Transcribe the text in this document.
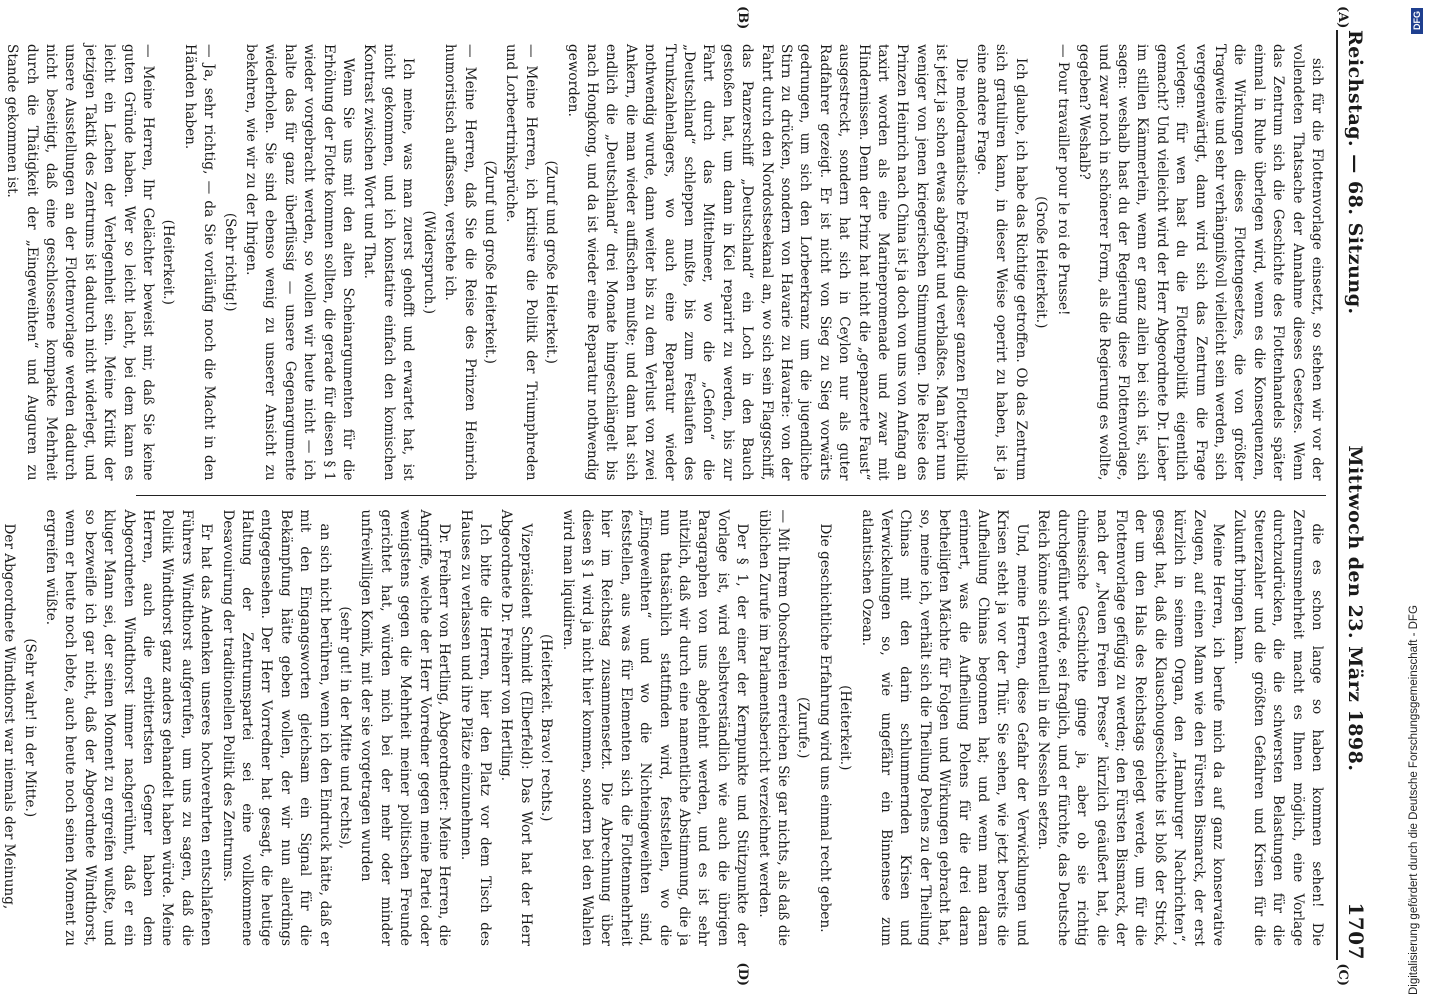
Reichstag. — 68. Sitzung.
Mittwoch den 23. März 1898.
1707

sich für die Flottenvorlage einsetzt, so stehen wir vor der vollendeten Thatsache der Annahme dieses Gesetzes. Wenn das Zentrum sich die Geschichte des Flottenhandels später einmal in Ruhe überlegen wird, wenn es die Konsequenzen, die Wirkungen dieses Flottengesetzes, die von größter Tragweite und sehr verhängnißvoll vielleicht sein werden, sich vergegenwärtigt, dann wird sich das Zentrum die Frage vorlegen: für wen hast du die Flottenpolitik eigentlich gemacht? Und vielleicht wird der Herr Abgeordnete Dr. Lieber im stillen Kämmerlein, wenn er ganz allein bei sich ist, sich sagen: weshalb hast du der Regierung diese Flottenvorlage, und zwar noch in schönerer Form, als die Regierung es wollte, gegeben? Weshalb?

— Pour travailler pour le roi de Prusse!

(Große Heiterkeit.)

Ich glaube, ich habe das Richtige getroffen. Ob das Zentrum sich gratuliren kann, in dieser Weise operirt zu haben, ist ja eine andere Frage.

Die melodramatische Eröffnung dieser ganzen Flottenpolitik ist jetzt ja schon etwas abgetönt und verblaßtes. Man hört nun weniger von jenen kriegerischen Stimmungen. Die Reise des Prinzen Heinrich nach China ist ja doch von uns von Anfang an taxirt worden als eine Marinepromenade und zwar mit Hindernissen. Denn der Prinz hat nicht die „gepanzerte Faust“ ausgestreckt, sondern hat sich in Ceylon nur als guter Radfahrer gezeigt. Er ist nicht von Sieg zu Sieg vorwärts gedrungen, um sich den Lorbeerkranz um die jugendliche Stirn zu drücken, sondern von Havarie zu Havarie: von der Fahrt durch den Nordostseekanal an, wo sich sein Flaggschiff, das Panzerschiff „Deutschland“ ein Loch in den Bauch gestoßen hat, um dann in Kiel reparirt zu werden, bis zur Fahrt durch das Mittelmeer, wo die „Gefion“ die „Deutschland“ schleppen mußte, bis zum Festlaufen des Trunkzahlenlagers, wo auch eine Reparatur wieder nothwendig wurde, dann weiter bis zu dem Verlust von zwei Ankern, die man wieder auffischen mußte; und dann hat sich endlich die „Deutschland“ drei Monate hingeschlängelt bis nach Hongkong, und da ist wieder eine Reparatur nothwendig geworden.

(Zuruf und große Heiterkeit.)

— Meine Herren, ich kritisire die Politik der Triumphreden und Lorbeertrinksprüche.

(Zuruf und große Heiterkeit.)

— Meine Herren, daß Sie die Reise des Prinzen Heinrich humoristisch auffassen, verstehe ich.

(Widerspruch.)

Ich meine, was man zuerst gehofft und erwartet hat, ist nicht gekommen, und ich konstatire einfach den komischen Kontrast zwischen Wort und That.

Wenn Sie uns mit den alten Scheinargumenten für die Erhöhung der Flotte kommen sollten, die gerade für diesen § 1 wieder vorgebracht werden, so wollen wir heute nicht — ich halte das für ganz überflüssig — unsere Gegenargumente wiederholen. Sie sind ebenso wenig zu unserer Ansicht zu bekehren, wie wir zu der Ihrigen.

(Sehr richtig!)

— Ja, sehr richtig, — da Sie vorläufig noch die Macht in den Händen haben.

(Heiterkeit.)

— Meine Herren, Ihr Gelächter beweist mir, daß Sie keine guten Gründe haben. Wer so leicht lacht, bei dem kann es leicht ein Lachen der Verlegenheit sein. Meine Kritik der jetzigen Taktik des Zentrums ist dadurch nicht widerlegt, und unsere Ausstellungen an der Flottenvorlage werden dadurch nicht beseitigt, daß eine geschlossene kompakte Mehrheit durch die Thätigkeit der „Eingeweihten“ und Auguren zu Stande gekommen ist.

die es schon lange so haben kommen sehen! Die Zentrumsmehrheit macht es Ihnen möglich, eine Vorlage durchzudrücken, die die schwersten Belastungen für die Steuerzahler und die größten Gefahren und Krisen für die Zukunft bringen kann.

Meine Herren, ich berufe mich da auf ganz konservative Zeugen, auf einen Mann wie den Fürsten Bismarck, der erst kürzlich in seinem Organ, den „Hamburger Nachrichten“, gesagt hat, daß die Klauschougeschichte ist bloß der Strick, der um den Hals des Reichstags gelegt werde, um für die Flottenvorlage gefügig zu werden; den Fürsten Bismarck, der nach der „Neuen Freien Presse“ kürzlich geäußert hat, die chinesische Geschichte ginge ja, aber ob sie richtig durchgeführt würde, sei fraglich, und er fürchte, das Deutsche Reich könne sich eventuell in die Nesseln setzen.

Und, meine Herren, diese Gefahr der Verwicklungen und Krisen steht ja vor der Thür. Sie sehen, wie jetzt bereits die Aufheilung Chinas begonnen hat; und wenn man daran erinnert, was die Aufheilung Polens für die drei daran betheiligten Mächte für Folgen und Wirkungen gebracht hat, so, meine ich, verhält sich die Theilung Polens zu der Theilung Chinas mit den darin schlummernden Krisen und Verwickelungen so, wie ungefähr ein Binnensee zum atlantischen Ozean.

(Heiterkeit.)

Die geschichtliche Erfahrung wird uns einmal recht geben.

(Zurufe.)

— Mit Ihrem Ohoschreien erreichen Sie gar nichts, als daß die üblichen Zurufe im Parlamentsbericht verzeichnet werden.

Der § 1, der einer der Kernpunkte und Stützpunkte der Vorlage ist, wird selbstverständlich wie auch die übrigen Paragraphen von uns abgelehnt werden, und es ist sehr nützlich, daß wir durch eine namentliche Abstimmung, die ja nun thatsächlich stattfinden wird, feststellen, wo die „Eingeweihten“ und wo die Nichteingeweihten sind, feststellen, aus was für Elementen sich die Flottenmehrheit hier im Reichstag zusammensetzt. Die Abrechnung über diesen § 1 wird ja nicht hier kommen, sondern bei den Wahlen wird man liquidiren.

(Heiterkeit. Bravo! rechts.)

Vizepräsident Schmidt (Elberfeld): Das Wort hat der Herr Abgeordnete Dr. Freiherr von Hertling.

Ich bitte die Herren, hier den Platz vor dem Tisch des Hauses zu verlassen und ihre Plätze einzunehmen.

Dr. Freiherr von Hertling, Abgeordneter: Meine Herren, die Angriffe, welche der Herr Vorredner gegen meine Partei oder wenigstens gegen die Mehrheit meiner politischen Freunde gerichtet hat, würden mich bei der mehr oder minder unfreiwilligen Komik, mit der sie vorgetragen wurden

(sehr gut! in der Mitte und rechts),

an sich nicht berühren, wenn ich den Eindruck hätte, daß er mit den Eingangsworten gleichsam ein Signal für die Bekämpfung hätte geben wollen, der wir nun allerdings entgegensehen. Der Herr Vorredner hat gesagt, die heutige Haltung der Zentrumspartei sei eine vollkommene Desavouirung der traditionellen Politik des Zentrums.

Er hat das Andenken unseres hochverehrten entschlafenen Führers Windthorst aufgerufen, um uns zu sagen, daß die Politik Windthorst ganz anders gehandelt haben würde. Meine Herren, auch die erbittertsten Gegner haben dem Abgeordneten Windthorst immer nachgerühmt, daß er ein kluger Mann sei, der seinen Moment zu ergreifen wußte, und so bezweifle ich gar nicht, daß der Abgeordnete Windthorst, wenn er heute noch lebte, auch heute noch seinen Moment zu ergreifen wüßte.

(Sehr wahr! in der Mitte.)

Der Abgeordnete Windthorst war niemals der Meinung,

(A)
(B)
(C)
(D)
DFG
Digitalisierung gefördert durch die Deutsche Forschungsgemeinschaft - DFG
